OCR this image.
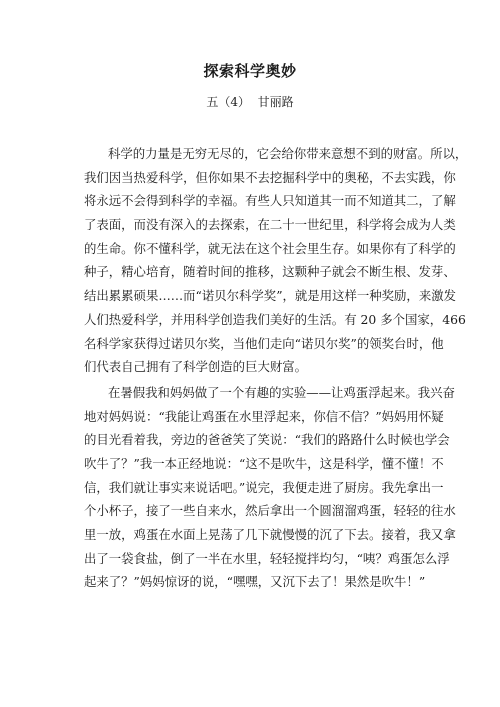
探索科学奥妙

五（4）  甘丽路

科学的力量是无穷无尽的，它会给你带来意想不到的财富。所以，
我们因当热爱科学，但你如果不去挖掘科学中的奥秘，不去实践，你
将永远不会得到科学的幸福。有些人只知道其一而不知道其二，了解
了表面，而没有深入的去探索，在二十一世纪里，科学将会成为人类
的生命。你不懂科学，就无法在这个社会里生存。如果你有了科学的
种子，精心培育，随着时间的推移，这颗种子就会不断生根、发芽、
结出累累硕果……而“诺贝尔科学奖”，就是用这样一种奖励，来激发
人们热爱科学，并用科学创造我们美好的生活。有 20 多个国家，466
名科学家获得过诺贝尔奖，当他们走向“诺贝尔奖”的领奖台时，他
们代表自己拥有了科学创造的巨大财富。
在暑假我和妈妈做了一个有趣的实验——让鸡蛋浮起来。我兴奋
地对妈妈说：“我能让鸡蛋在水里浮起来，你信不信？”妈妈用怀疑
的目光看着我，旁边的爸爸笑了笑说：“我们的路路什么时候也学会
吹牛了？”我一本正经地说：“这不是吹牛，这是科学，懂不懂！不
信，我们就让事实来说话吧。”说完，我便走进了厨房。我先拿出一
个小杯子，接了一些自来水，然后拿出一个圆溜溜鸡蛋，轻轻的往水
里一放，鸡蛋在水面上晃荡了几下就慢慢的沉了下去。接着，我又拿
出了一袋食盐，倒了一半在水里，轻轻搅拌均匀，“咦？鸡蛋怎么浮
起来了？”妈妈惊讶的说，“嘿嘿，又沉下去了！果然是吹牛！”
